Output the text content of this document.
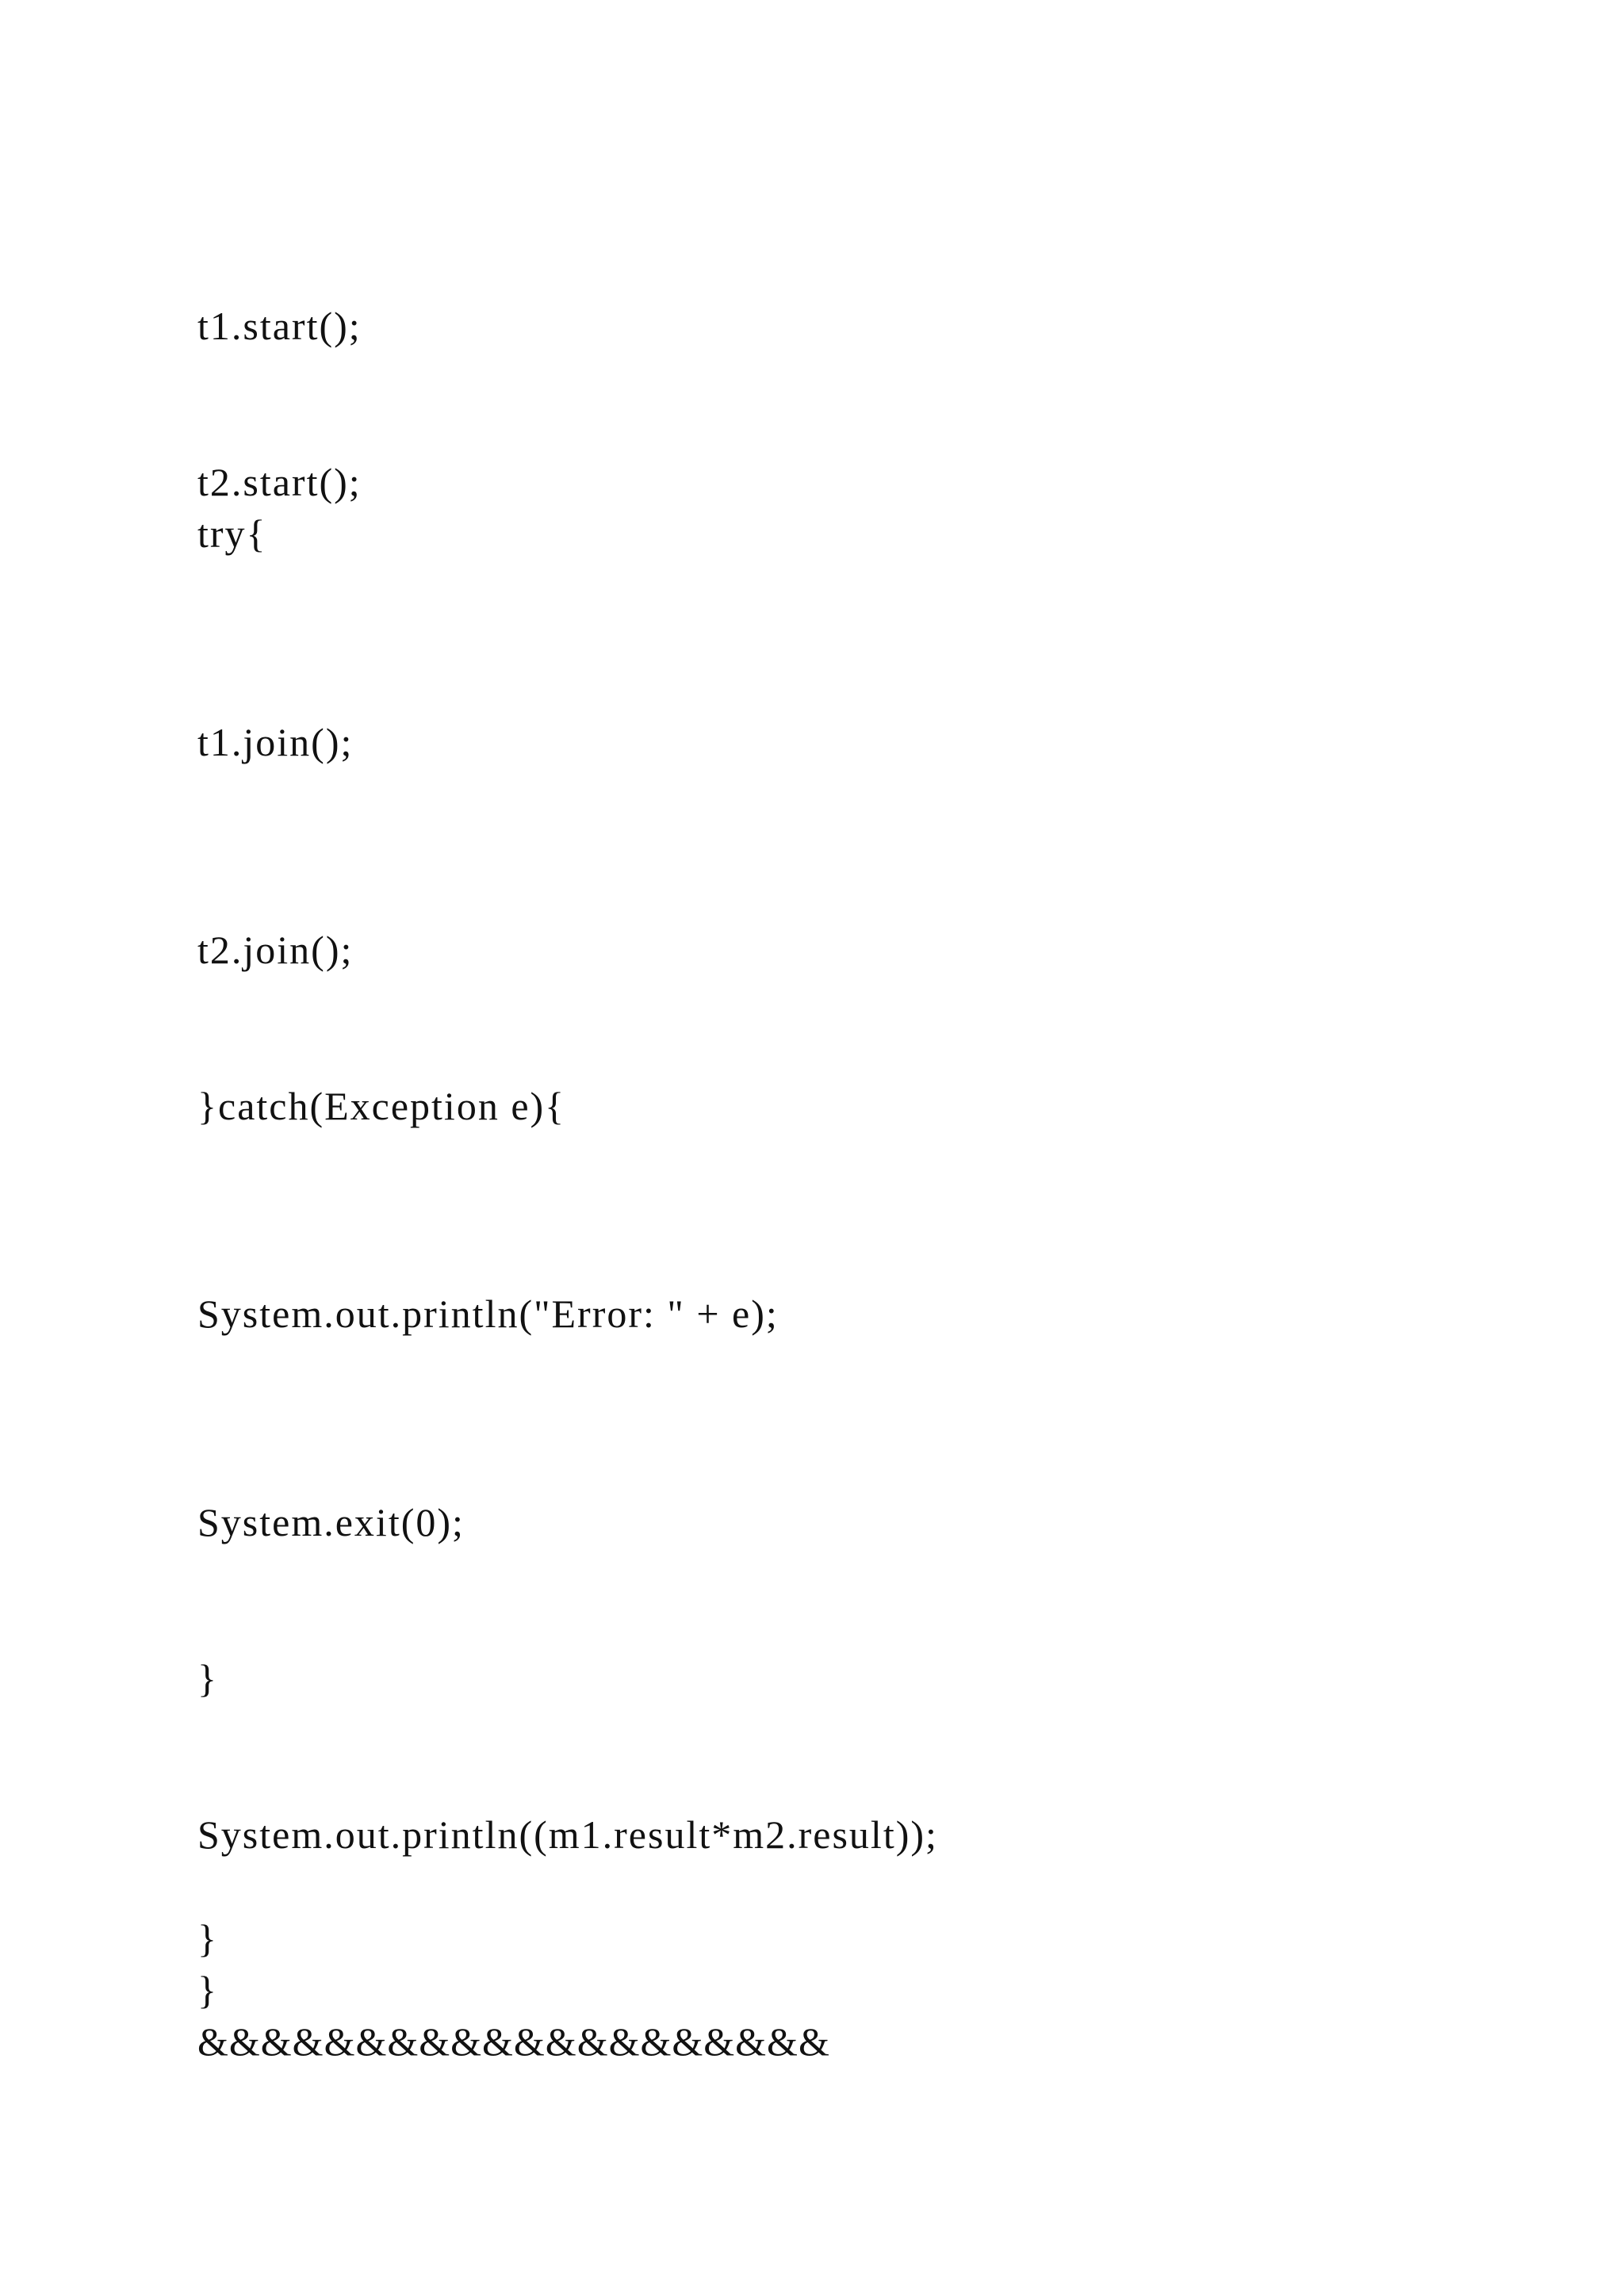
t1.start();

t2.start();

try{

t1.join();

t2.join();

}catch(Exception e){

System.out.println("Error: " + e);

System.exit(0);

}

System.out.println((m1.result*m2.result));

}

}

&&&&&&&&&&&&&&&&&&&&
